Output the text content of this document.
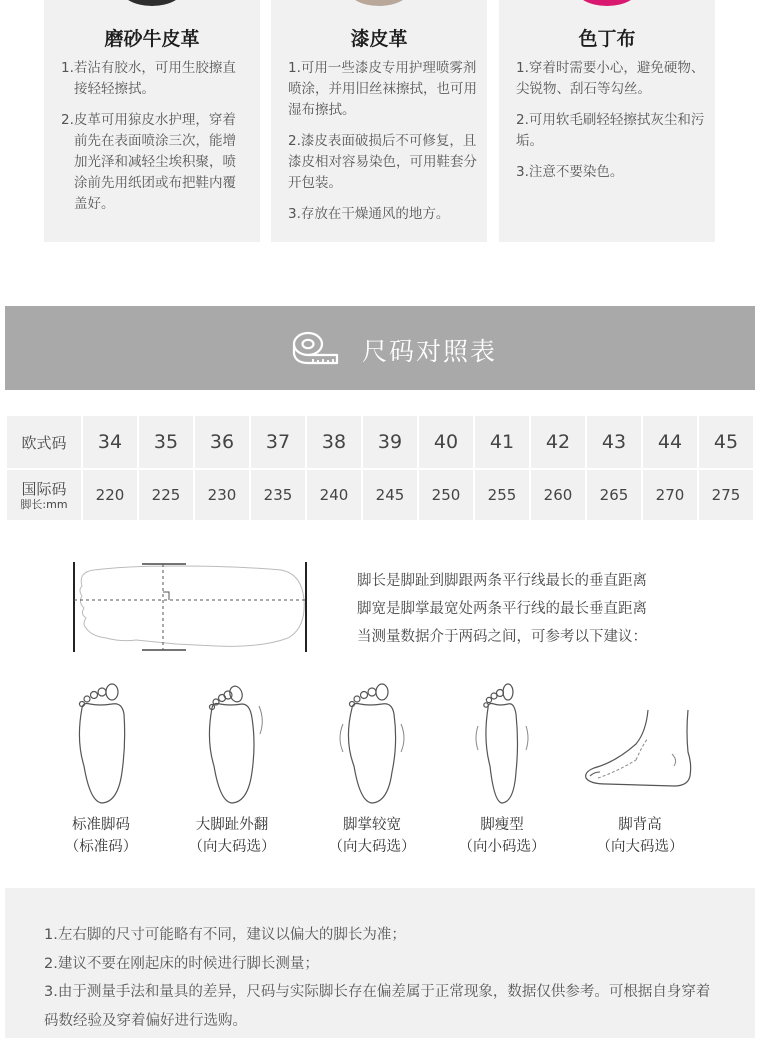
磨砂牛皮革

1.若沾有胶水，可用生胶擦直接轻轻擦拭。

2.皮革可用猄皮水护理，穿着前先在表面喷涂三次，能增加光泽和减轻尘埃积聚，喷涂前先用纸团或布把鞋内覆盖好。

漆皮革

1.可用一些漆皮专用护理喷雾剂喷涂，并用旧丝袜擦拭，也可用湿布擦拭。

2.漆皮表面破损后不可修复，且漆皮相对容易染色，可用鞋套分开包装。

3.存放在干燥通风的地方。

色丁布

1.穿着时需要小心，避免硬物、尖锐物、刮石等勾丝。

2.可用软毛刷轻轻擦拭灰尘和污垢。

3.注意不要染色。

尺码对照表
欧式码	34	35	36	37	38	39	40	41	42	43	44	45

国际码
脚长:mm	220	225	230	235	240	245	250	255	260	265	270	275
脚长是脚趾到脚跟两条平行线最长的垂直距离
脚宽是脚掌最宽处两条平行线的最长垂直距离
当测量数据介于两码之间，可参考以下建议：
标准脚码
（标准码）
大脚趾外翻
（向大码选）
脚掌较宽
（向大码选）
脚瘦型
（向小码选）
脚背高
（向大码选）
1.左右脚的尺寸可能略有不同，建议以偏大的脚长为准；
2.建议不要在刚起床的时候进行脚长测量；
3.由于测量手法和量具的差异，尺码与实际脚长存在偏差属于正常现象，数据仅供参考。可根据自身穿着码数经验及穿着偏好进行选购。
